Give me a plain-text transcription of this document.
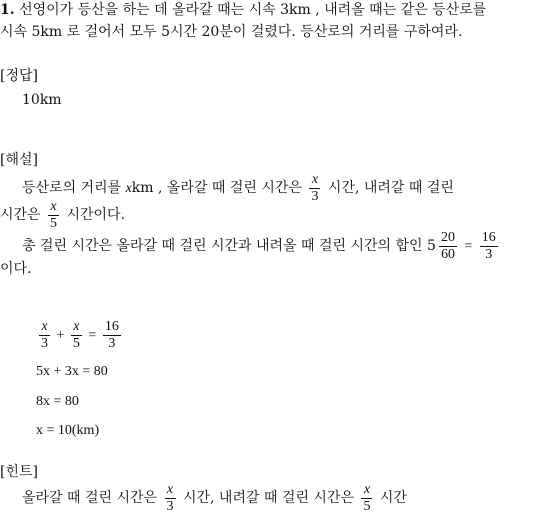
1. 선영이가 등산을 하는 데 올라갈 때는 시속 3km , 내려올 때는 같은 등산로를
시속 5km 로 걸어서 모두 5시간 20분이 걸렸다. 등산로의 거리를 구하여라.
[정답]
10km
[해설]
등산로의 거리를 xkm , 올라갈 때 걸린 시간은 $\frac{x}{3}$ 시간, 내려갈 때 걸린
시간은 $\frac{x}{5}$ 시간이다.
총 걸린 시간은 올라갈 때 걸린 시간과 내려올 때 걸린 시간의 합인 $5 \frac{20}{60} = \frac{16}{3}$
이다.
$\frac{x}{3} + \frac{x}{5} = \frac{16}{3}$
5x + 3x = 80
8x = 80
x = 10(km)
[힌트]
올라갈 때 걸린 시간은 $\frac{x}{3}$ 시간, 내려갈 때 걸린 시간은 $\frac{x}{5}$ 시간
